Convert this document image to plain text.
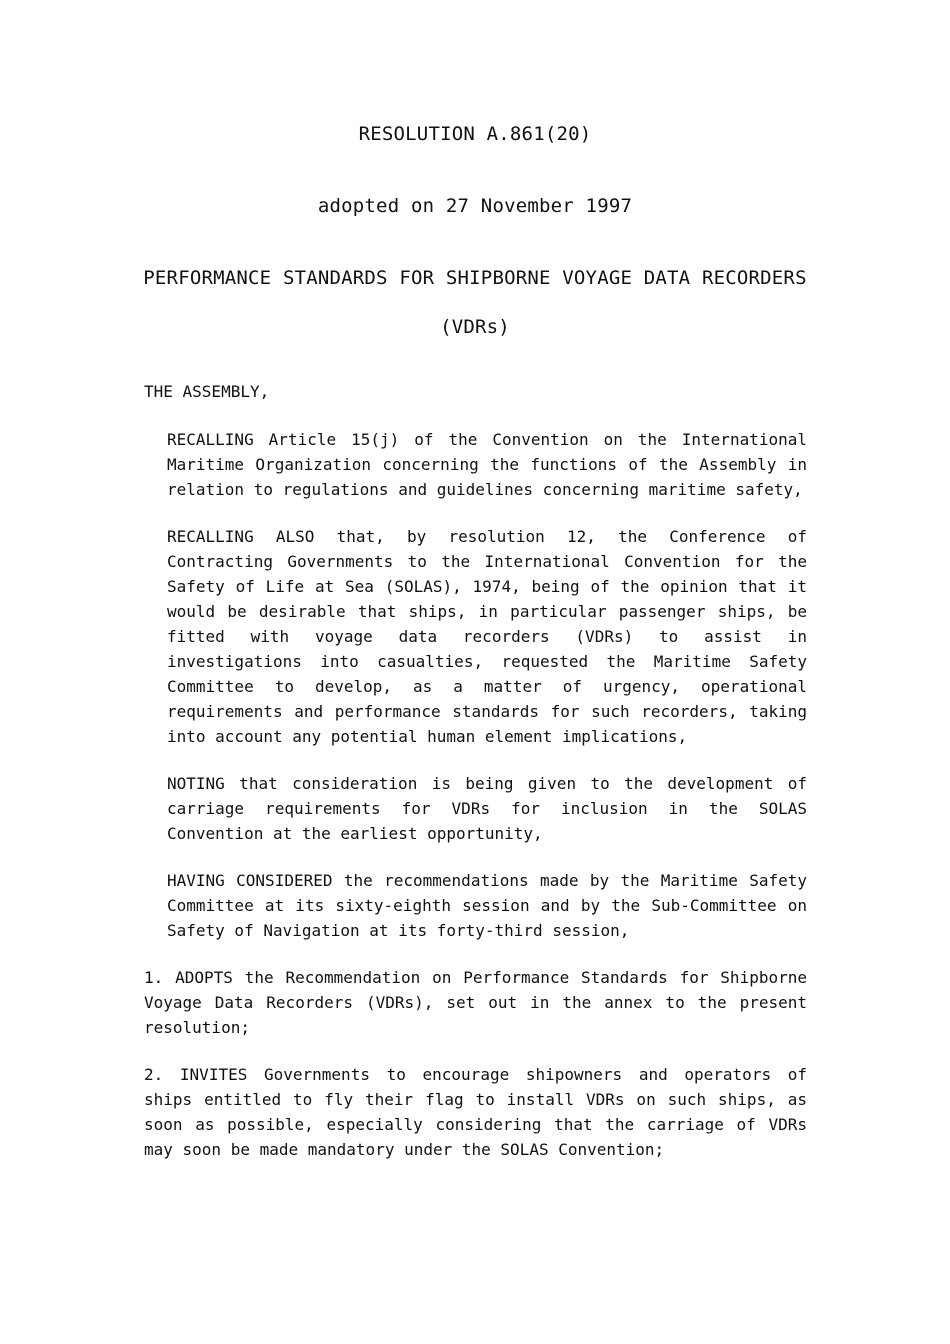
RESOLUTION A.861(20)
adopted on 27 November 1997
PERFORMANCE STANDARDS FOR SHIPBORNE VOYAGE DATA RECORDERS
(VDRs)
THE ASSEMBLY,
RECALLING Article 15(j) of the Convention on the International Maritime Organization concerning the functions of the Assembly in relation to regulations and guidelines concerning maritime safety,
RECALLING ALSO that, by resolution 12, the Conference of Contracting Governments to the International Convention for the Safety of Life at Sea (SOLAS), 1974, being of the opinion that it would be desirable that ships, in particular passenger ships, be fitted with voyage data recorders (VDRs) to assist in investigations into casualties, requested the Maritime Safety Committee to develop, as a matter of urgency, operational requirements and performance standards for such recorders, taking into account any potential human element implications,
NOTING that consideration is being given to the development of carriage requirements for VDRs for inclusion in the SOLAS Convention at the earliest opportunity,
HAVING CONSIDERED the recommendations made by the Maritime Safety Committee at its sixty-eighth session and by the Sub-Committee on Safety of Navigation at its forty-third session,
1. ADOPTS the Recommendation on Performance Standards for Shipborne Voyage Data Recorders (VDRs), set out in the annex to the present resolution;
2. INVITES Governments to encourage shipowners and operators of ships entitled to fly their flag to install VDRs on such ships, as soon as possible, especially considering that the carriage of VDRs may soon be made mandatory under the SOLAS Convention;
